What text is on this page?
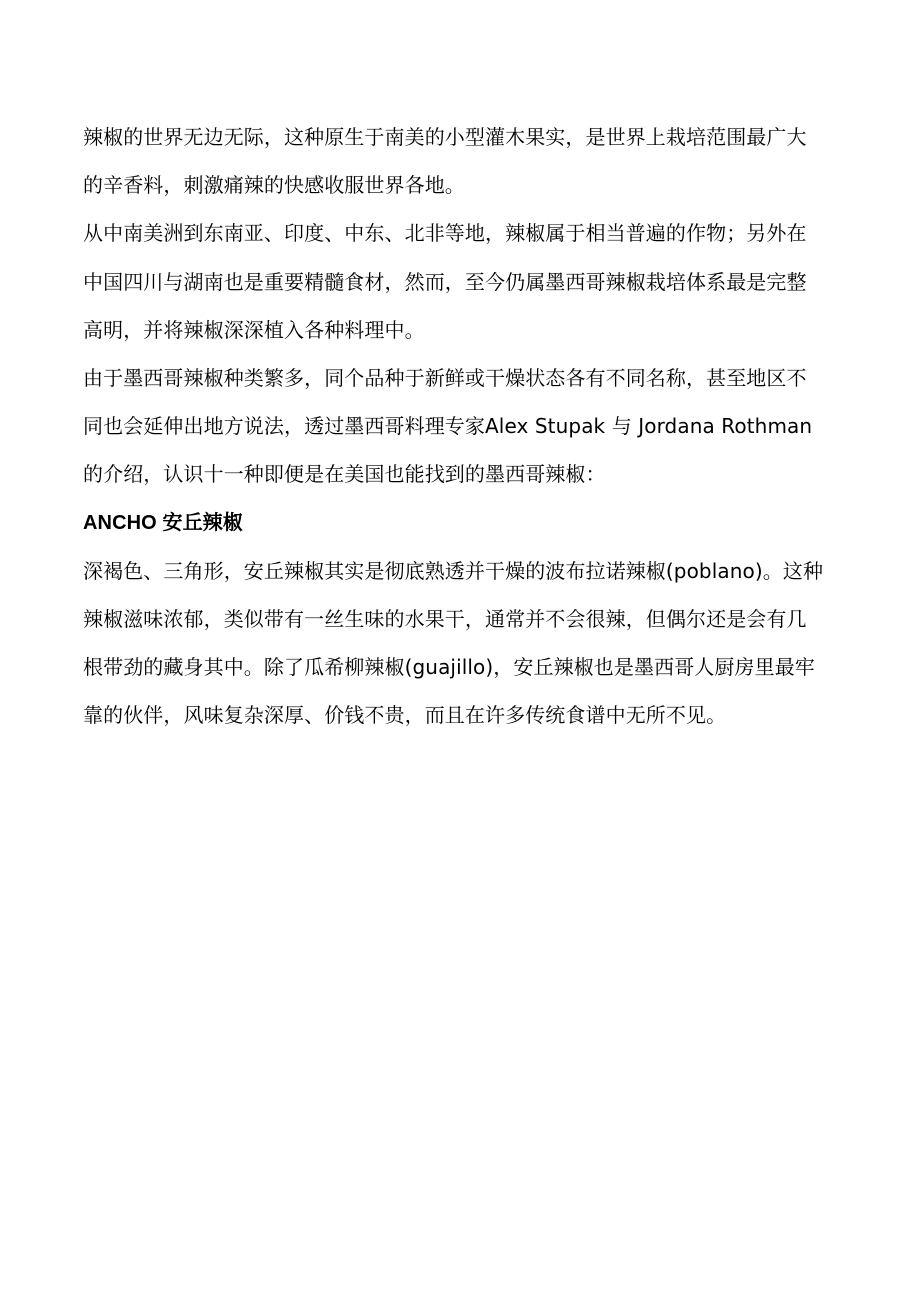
辣椒的世界无边无际，这种原生于南美的小型灌木果实，是世界上栽培范围最广大
的辛香料，刺激痛辣的快感收服世界各地。
从中南美洲到东南亚、印度、中东、北非等地，辣椒属于相当普遍的作物；另外在
中国四川与湖南也是重要精髓食材，然而，至今仍属墨西哥辣椒栽培体系最是完整
高明，并将辣椒深深植入各种料理中。
由于墨西哥辣椒种类繁多，同个品种于新鲜或干燥状态各有不同名称，甚至地区不
同也会延伸出地方说法，透过墨西哥料理专家Alex Stupak 与 Jordana Rothman
的介绍，认识十一种即便是在美国也能找到的墨西哥辣椒：
ANCHO 安丘辣椒
深褐色、三角形，安丘辣椒其实是彻底熟透并干燥的波布拉诺辣椒(poblano)。这种
辣椒滋味浓郁，类似带有一丝生味的水果干，通常并不会很辣，但偶尔还是会有几
根带劲的藏身其中。除了瓜希柳辣椒(guajillo)，安丘辣椒也是墨西哥人厨房里最牢
靠的伙伴，风味复杂深厚、价钱不贵，而且在许多传统食谱中无所不见。
